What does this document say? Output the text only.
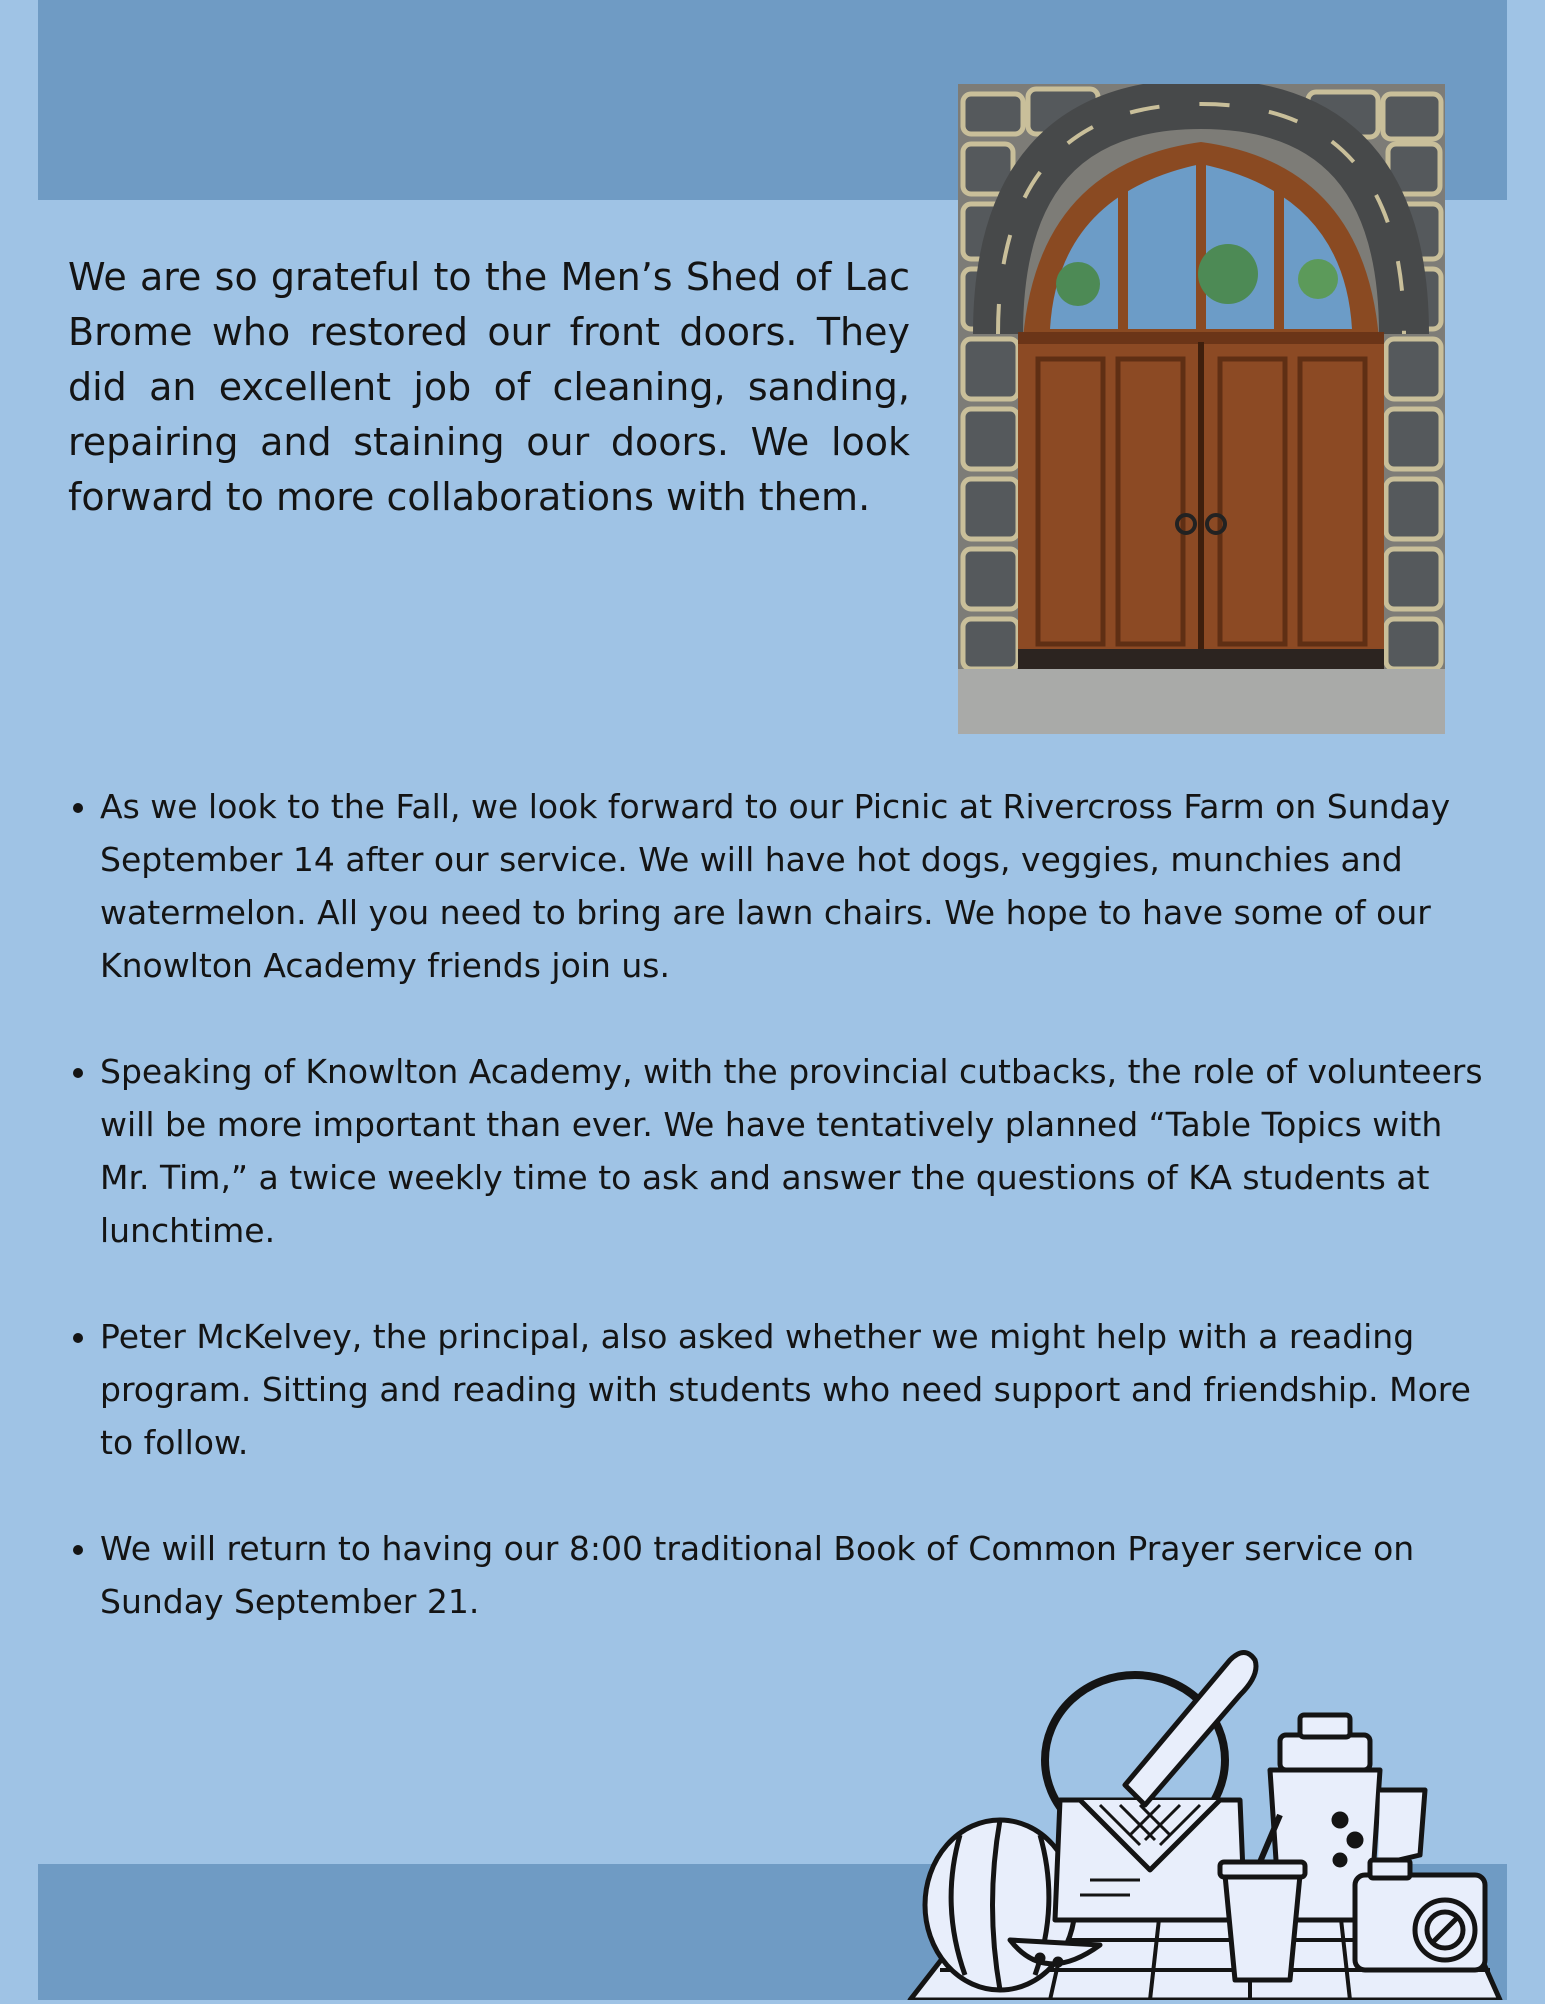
We are so grateful to the Men’s Shed of Lac Brome who restored our front doors. They did an excellent job of cleaning, sanding, repairing and staining our doors. We look forward to more collaborations with them.

• As we look to the Fall, we look forward to our Picnic at Rivercross Farm on Sunday September 14 after our service. We will have hot dogs, veggies, munchies and watermelon. All you need to bring are lawn chairs. We hope to have some of our Knowlton Academy friends join us.
• Speaking of Knowlton Academy, with the provincial cutbacks, the role of volunteers will be more important than ever. We have tentatively planned “Table Topics with Mr. Tim,” a twice weekly time to ask and answer the questions of KA students at lunchtime.
• Peter McKelvey, the principal, also asked whether we might help with a reading program. Sitting and reading with students who need support and friendship. More to follow.
• We will return to having our 8:00 traditional Book of Common Prayer service on Sunday September 21.
